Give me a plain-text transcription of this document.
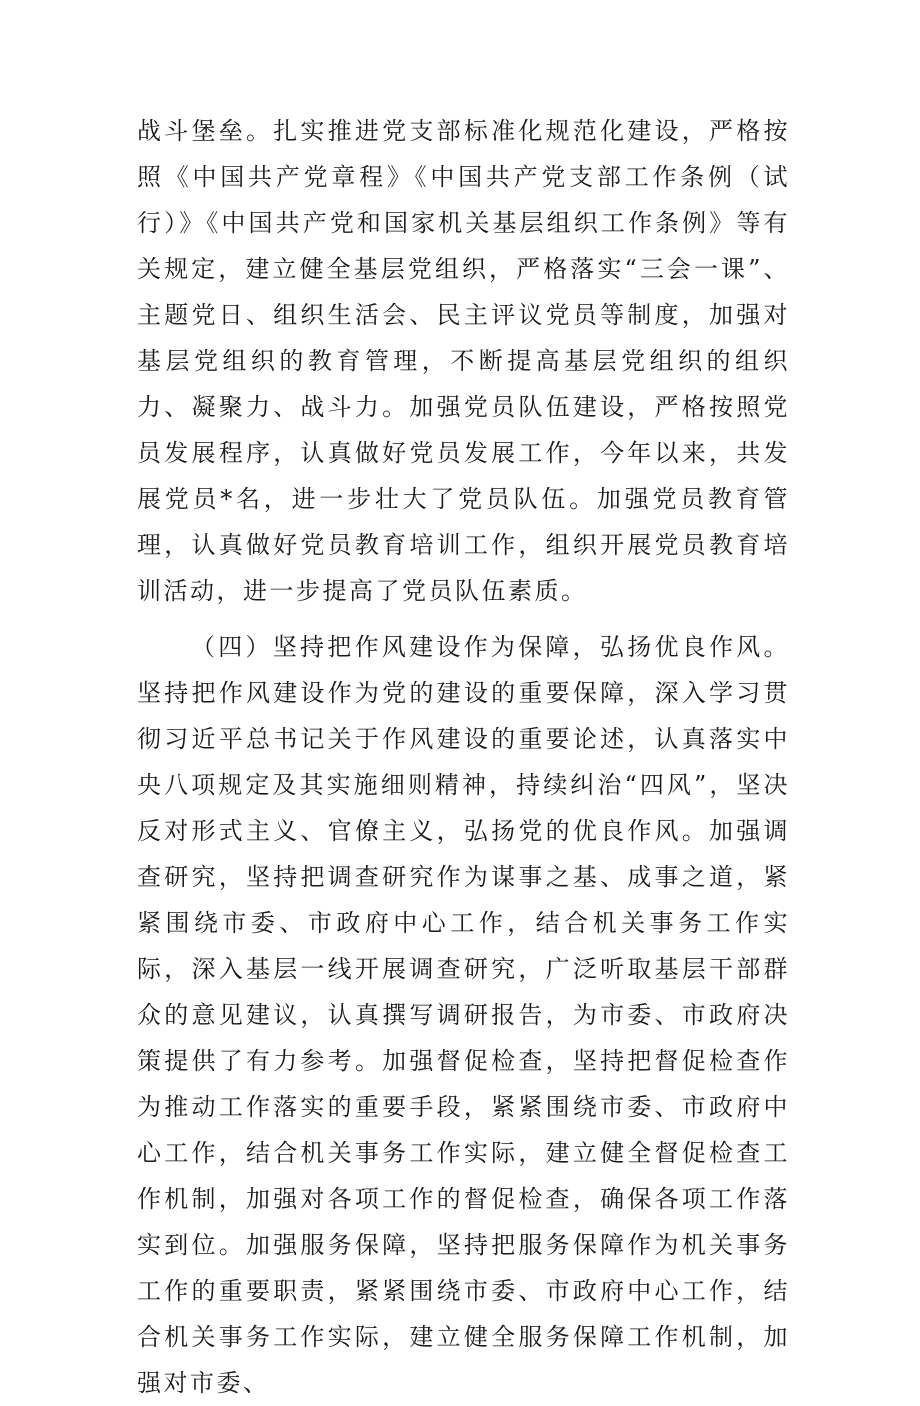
战斗堡垒。扎实推进党支部标准化规范化建设，严格按照《中国共产党章程》《中国共产党支部工作条例（试行）》《中国共产党和国家机关基层组织工作条例》等有关规定，建立健全基层党组织，严格落实“三会一课”、主题党日、组织生活会、民主评议党员等制度，加强对基层党组织的教育管理，不断提高基层党组织的组织力、凝聚力、战斗力。加强党员队伍建设，严格按照党员发展程序，认真做好党员发展工作，今年以来，共发展党员*名，进一步壮大了党员队伍。加强党员教育管理，认真做好党员教育培训工作，组织开展党员教育培训活动，进一步提高了党员队伍素质。

（四）坚持把作风建设作为保障，弘扬优良作风。坚持把作风建设作为党的建设的重要保障，深入学习贯彻习近平总书记关于作风建设的重要论述，认真落实中央八项规定及其实施细则精神，持续纠治“四风”，坚决反对形式主义、官僚主义，弘扬党的优良作风。加强调查研究，坚持把调查研究作为谋事之基、成事之道，紧紧围绕市委、市政府中心工作，结合机关事务工作实际，深入基层一线开展调查研究，广泛听取基层干部群众的意见建议，认真撰写调研报告，为市委、市政府决策提供了有力参考。加强督促检查，坚持把督促检查作为推动工作落实的重要手段，紧紧围绕市委、市政府中心工作，结合机关事务工作实际，建立健全督促检查工作机制，加强对各项工作的督促检查，确保各项工作落实到位。加强服务保障，坚持把服务保障作为机关事务工作的重要职责，紧紧围绕市委、市政府中心工作，结合机关事务工作实际，建立健全服务保障工作机制，加强对市委、
